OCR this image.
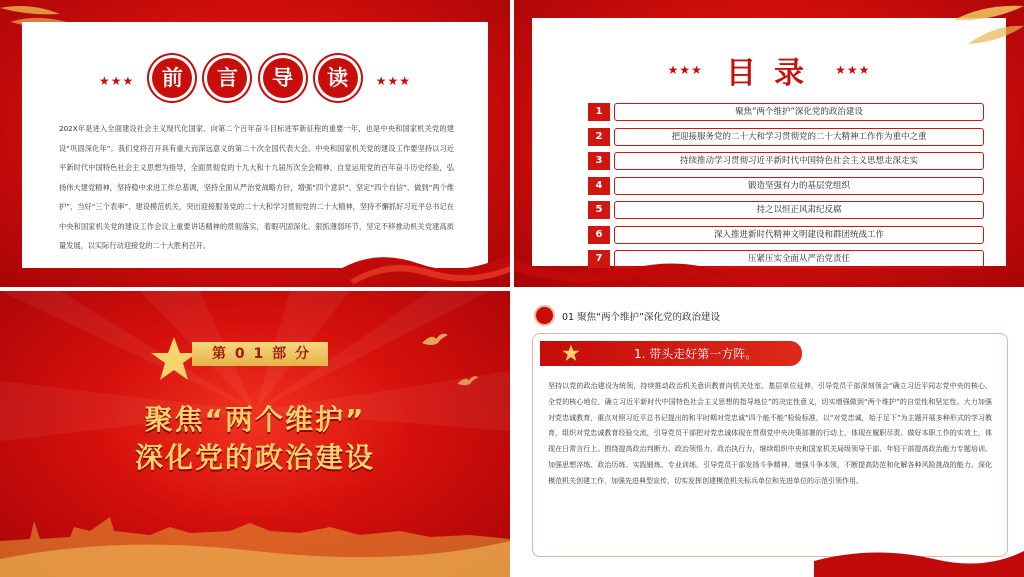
★★★ 前 言 导 读 ★★★
202X年是进入全面建设社会主义现代化国家、向第二个百年奋斗目标进军新征程的重要一年，也是中央和国家机关党的建设“巩固深化年”。我们党将召开具有重大而深远意义的第二十次全国代表大会。中央和国家机关党的建设工作要坚持以习近平新时代中国特色社会主义思想为指导，全面贯彻党的十九大和十九届历次全会精神，自觉运用党的百年奋斗历史经验，弘扬伟大建党精神，坚持稳中求进工作总基调，坚持全面从严治党战略方针，增强“四个意识”、坚定“四个自信”、做到“两个维护”，当好“三个表率”、建设模范机关，突出迎接服务党的二十大和学习贯彻党的二十大精神，坚持不懈抓好习近平总书记在中央和国家机关党的建设工作会议上重要讲话精神的贯彻落实，着眼巩固深化、狠抓薄弱环节，坚定不移推动机关党建高质量发展，以实际行动迎接党的二十大胜利召开。
★★★ 目录 ★★★
1	聚焦“两个维护”深化党的政治建设
2	把迎接服务党的二十大和学习贯彻党的二十大精神工作作为重中之重
3	持续推动学习贯彻习近平新时代中国特色社会主义思想走深走实
4	锻造坚强有力的基层党组织
5	持之以恒正风肃纪反腐
6	深入推进新时代精神文明建设和群团统战工作
7	压紧压实全面从严治党责任
第 0 1 部 分
聚焦“两个维护”
深化党的政治建设
01 聚焦“两个维护”深化党的政治建设
1. 带头走好第一方阵。
坚持以党的政治建设为统领，持续推动政治机关意识教育向机关处室、基层单位延伸，引导党员干部深刻领会“确立习近平同志党中央的核心、全党的核心地位，确立习近平新时代中国特色社会主义思想的指导地位”的决定性意义，切实增强做到“两个维护”的自觉性和坚定性。大力加强对党忠诚教育，重点对照习近平总书记提出的和平时期对党忠诚“四个能不能”检验标准，以“对党忠诚，始于足下”为主题开展多种形式的学习教育，组织对党忠诚教育经验交流，引导党员干部把对党忠诚体现在贯彻党中央决策部署的行动上，体现在履职尽责、做好本职工作的实效上，体现在日常言行上。围绕提高政治判断力、政治领悟力、政治执行力，继续组织中央和国家机关局级领导干部、年轻干部提高政治能力专题培训。加强思想淬炼、政治历练、实践锻炼、专业训练，引导党员干部发扬斗争精神，增强斗争本领，不断提高防范和化解各种风险挑战的能力。深化模范机关创建工作，加强先进典型宣传，切实发挥创建模范机关标兵单位和先进单位的示范引领作用。
